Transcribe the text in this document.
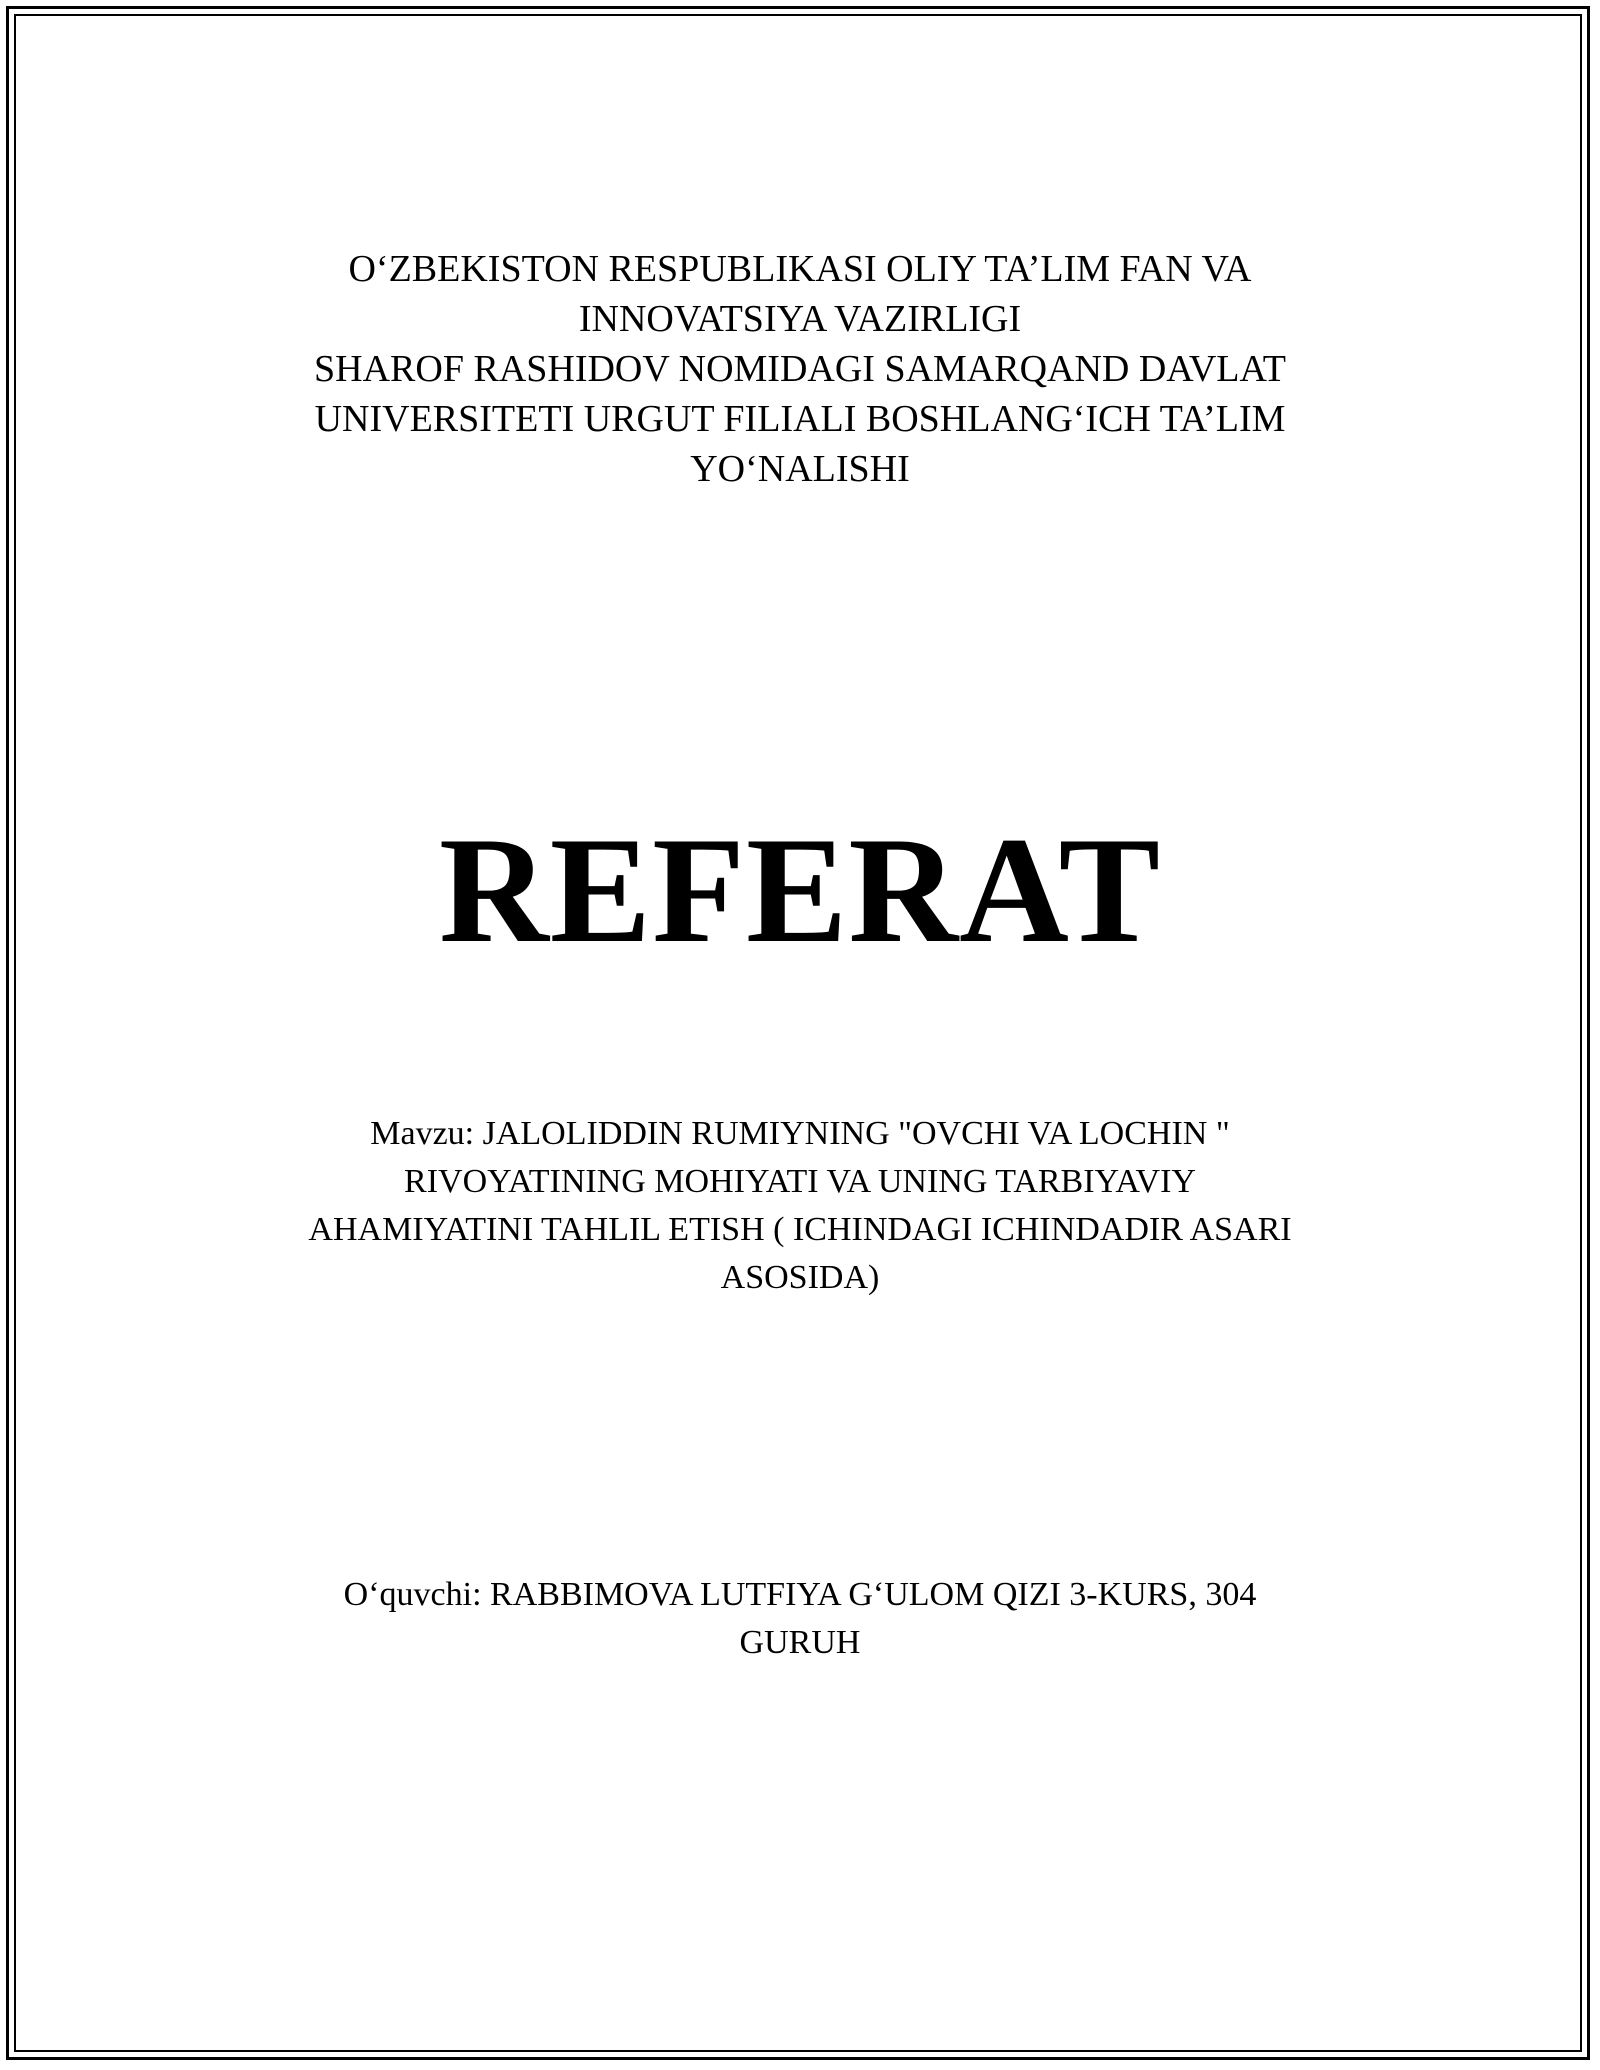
O‘ZBEKISTON RESPUBLIKASI OLIY TA’LIM FAN VA
INNOVATSIYA VAZIRLIGI
SHAROF RASHIDOV NOMIDAGI SAMARQAND DAVLAT
UNIVERSITETI URGUT FILIALI BOSHLANG‘ICH TA’LIM
YO‘NALISHI
REFERAT
Mavzu: JALOLIDDIN RUMIYNING "OVCHI VA LOCHIN "
RIVOYATINING MOHIYATI VA UNING TARBIYAVIY
AHAMIYATINI TAHLIL ETISH ( ICHINDAGI ICHINDADIR ASARI
ASOSIDA)
O‘quvchi: RABBIMOVA LUTFIYA G‘ULOM QIZI 3-KURS, 304
GURUH
